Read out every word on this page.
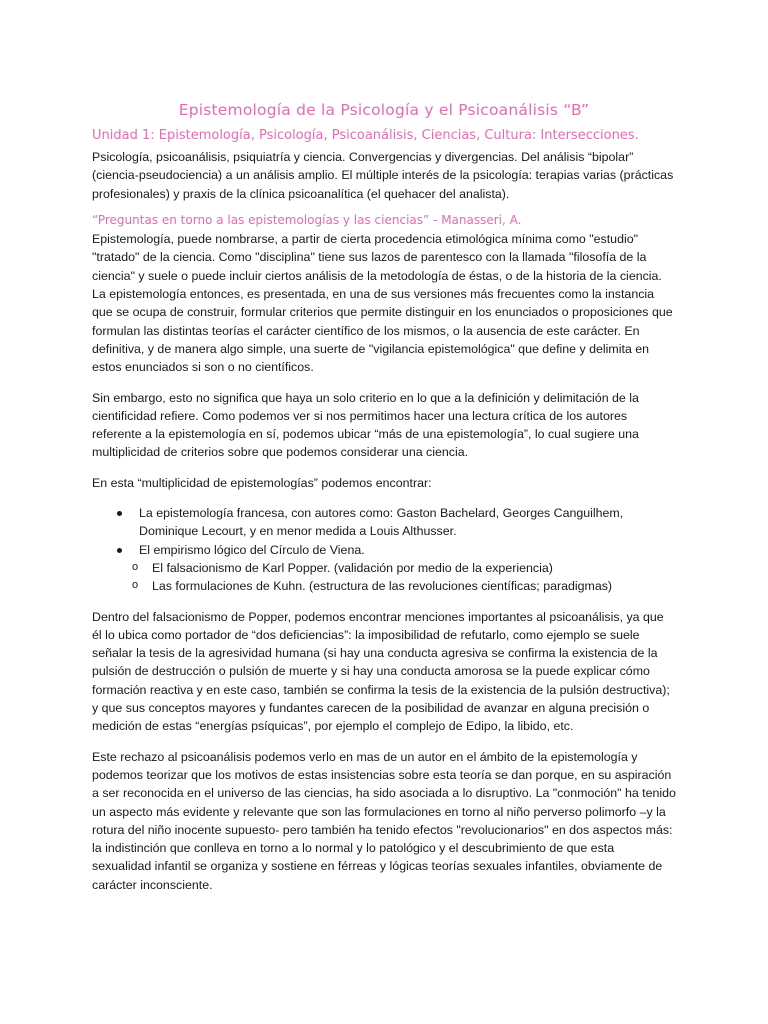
Epistemología de la Psicología y el Psicoanálisis “B”
Unidad 1: Epistemología, Psicología, Psicoanálisis, Ciencias, Cultura: Intersecciones.

Psicología, psicoanálisis, psiquiatría y ciencia. Convergencias y divergencias. Del análisis “bipolar” (ciencia-pseudociencia) a un análisis amplio. El múltiple interés de la psicología: terapias varias (prácticas profesionales) y praxis de la clínica psicoanalítica (el quehacer del analista).

“Preguntas en torno a las epistemologías y las ciencias” - Manasseri, A.

Epistemología, puede nombrarse, a partir de cierta procedencia etimológica mínima como "estudio" "tratado" de la ciencia. Como "disciplina" tiene sus lazos de parentesco con la llamada "filosofía de la ciencia" y suele o puede incluir ciertos análisis de la metodología de éstas, o de la historia de la ciencia. La epistemología entonces, es presentada, en una de sus versiones más frecuentes como la instancia que se ocupa de construir, formular criterios que permite distinguir en los enunciados o proposiciones que formulan las distintas teorías el carácter científico de los mismos, o la ausencia de este carácter. En definitiva, y de manera algo simple, una suerte de "vigilancia epistemológica" que define y delimita en estos enunciados si son o no científicos.

Sin embargo, esto no significa que haya un solo criterio en lo que a la definición y delimitación de la cientificidad refiere. Como podemos ver si nos permitimos hacer una lectura crítica de los autores referente a la epistemología en sí, podemos ubicar “más de una epistemología”, lo cual sugiere una multiplicidad de criterios sobre que podemos considerar una ciencia.

En esta “multiplicidad de epistemologías” podemos encontrar:

La epistemología francesa, con autores como: Gaston Bachelard, Georges Canguilhem, Dominique Lecourt, y en menor medida a Louis Althusser.
El empirismo lógico del Círculo de Viena.
o El falsacionismo de Karl Popper. (validación por medio de la experiencia)
o Las formulaciones de Kuhn. (estructura de las revoluciones científicas; paradigmas)

Dentro del falsacionismo de Popper, podemos encontrar menciones importantes al psicoanálisis, ya que él lo ubica como portador de “dos deficiencias”: la imposibilidad de refutarlo, como ejemplo se suele señalar la tesis de la agresividad humana (si hay una conducta agresiva se confirma la existencia de la pulsión de destrucción o pulsión de muerte y si hay una conducta amorosa se la puede explicar cómo formación reactiva y en este caso, también se confirma la tesis de la existencia de la pulsión destructiva); y que sus conceptos mayores y fundantes carecen de la posibilidad de avanzar en alguna precisión o medición de estas “energías psíquicas”, por ejemplo el complejo de Edipo, la libido, etc.

Este rechazo al psicoanálisis podemos verlo en mas de un autor en el ámbito de la epistemología y podemos teorizar que los motivos de estas insistencias sobre esta teoría se dan porque, en su aspiración a ser reconocida en el universo de las ciencias, ha sido asociada a lo disruptivo. La "conmoción" ha tenido un aspecto más evidente y relevante que son las formulaciones en torno al niño perverso polimorfo –y la rotura del niño inocente supuesto- pero también ha tenido efectos "revolucionarios" en dos aspectos más: la indistinción que conlleva en torno a lo normal y lo patológico y el descubrimiento de que esta sexualidad infantil se organiza y sostiene en férreas y lógicas teorías sexuales infantiles, obviamente de carácter inconsciente.
